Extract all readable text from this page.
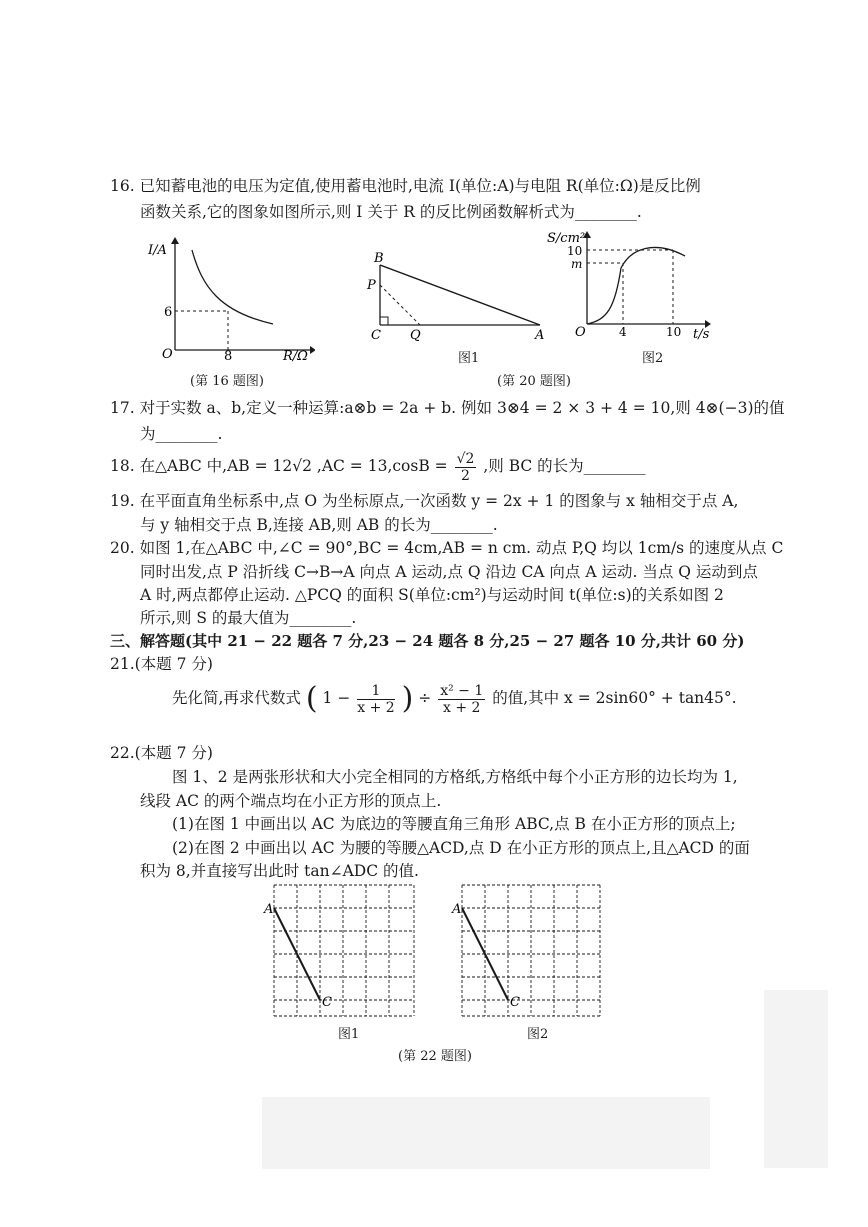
16. 已知蓄电池的电压为定值,使用蓄电池时,电流 I(单位:A)与电阻 R(单位:Ω)是反比例
函数关系,它的图象如图所示,则 I 关于 R 的反比例函数解析式为________.
I/A
6
O	8	R/Ω
(第 16 题图)
B
P
C Q	A
图1
S/cm²
10
m
O	4	10 t/s
图2
(第 20 题图)
17. 对于实数 a、b,定义一种运算:a⊗b = 2a + b. 例如 3⊗4 = 2 × 3 + 4 = 10,则 4⊗(−3)的值
为________.
18. 在△ABC 中,AB = 12√2 $,AC = 13,\cos B = \frac{√2}{2}$ ,则 BC 的长为________
19. 在平面直角坐标系中,点 O 为坐标原点,一次函数 y = 2x + 1 的图象与 x 轴相交于点 A,
与 y 轴相交于点 B,连接 AB,则 AB 的长为________.
20. 如图 1,在△ABC 中,∠C = 90°,BC = 4cm,AB = n cm. 动点 P,Q 均以 1cm/s 的速度从点 C
同时出发,点 P 沿折线 C→B→A 向点 A 运动,点 Q 沿边 CA 向点 A 运动. 当点 Q 运动到点
A 时,两点都停止运动. △PCQ 的面积 S(单位:cm²)与运动时间 t(单位:s)的关系如图 2
所示,则 S 的最大值为________.
三、解答题(其中 21 − 22 题各 7 分,23 − 24 题各 8 分,25 − 27 题各 10 分,共计 60 分)
21.(本题 7 分)
先化简,再求代数式 ( $1 - \frac{1}{x + 2}$ ) ÷ $\frac{\text{x² − 1}}{x + 2}$ 的值,其中 x = 2sin60° + tan45°.
22.(本题 7 分)
图 1、2 是两张形状和大小完全相同的方格纸,方格纸中每个小正方形的边长均为 1,
线段 AC 的两个端点均在小正方形的顶点上.
(1)在图 1 中画出以 AC 为底边的等腰直角三角形 ABC,点 B 在小正方形的顶点上;
(2)在图 2 中画出以 AC 为腰的等腰△ACD,点 D 在小正方形的顶点上,且△ACD 的面
积为 8,并直接写出此时 tan∠ADC 的值.
A
C
图1
A
C
图2
(第 22 题图)
